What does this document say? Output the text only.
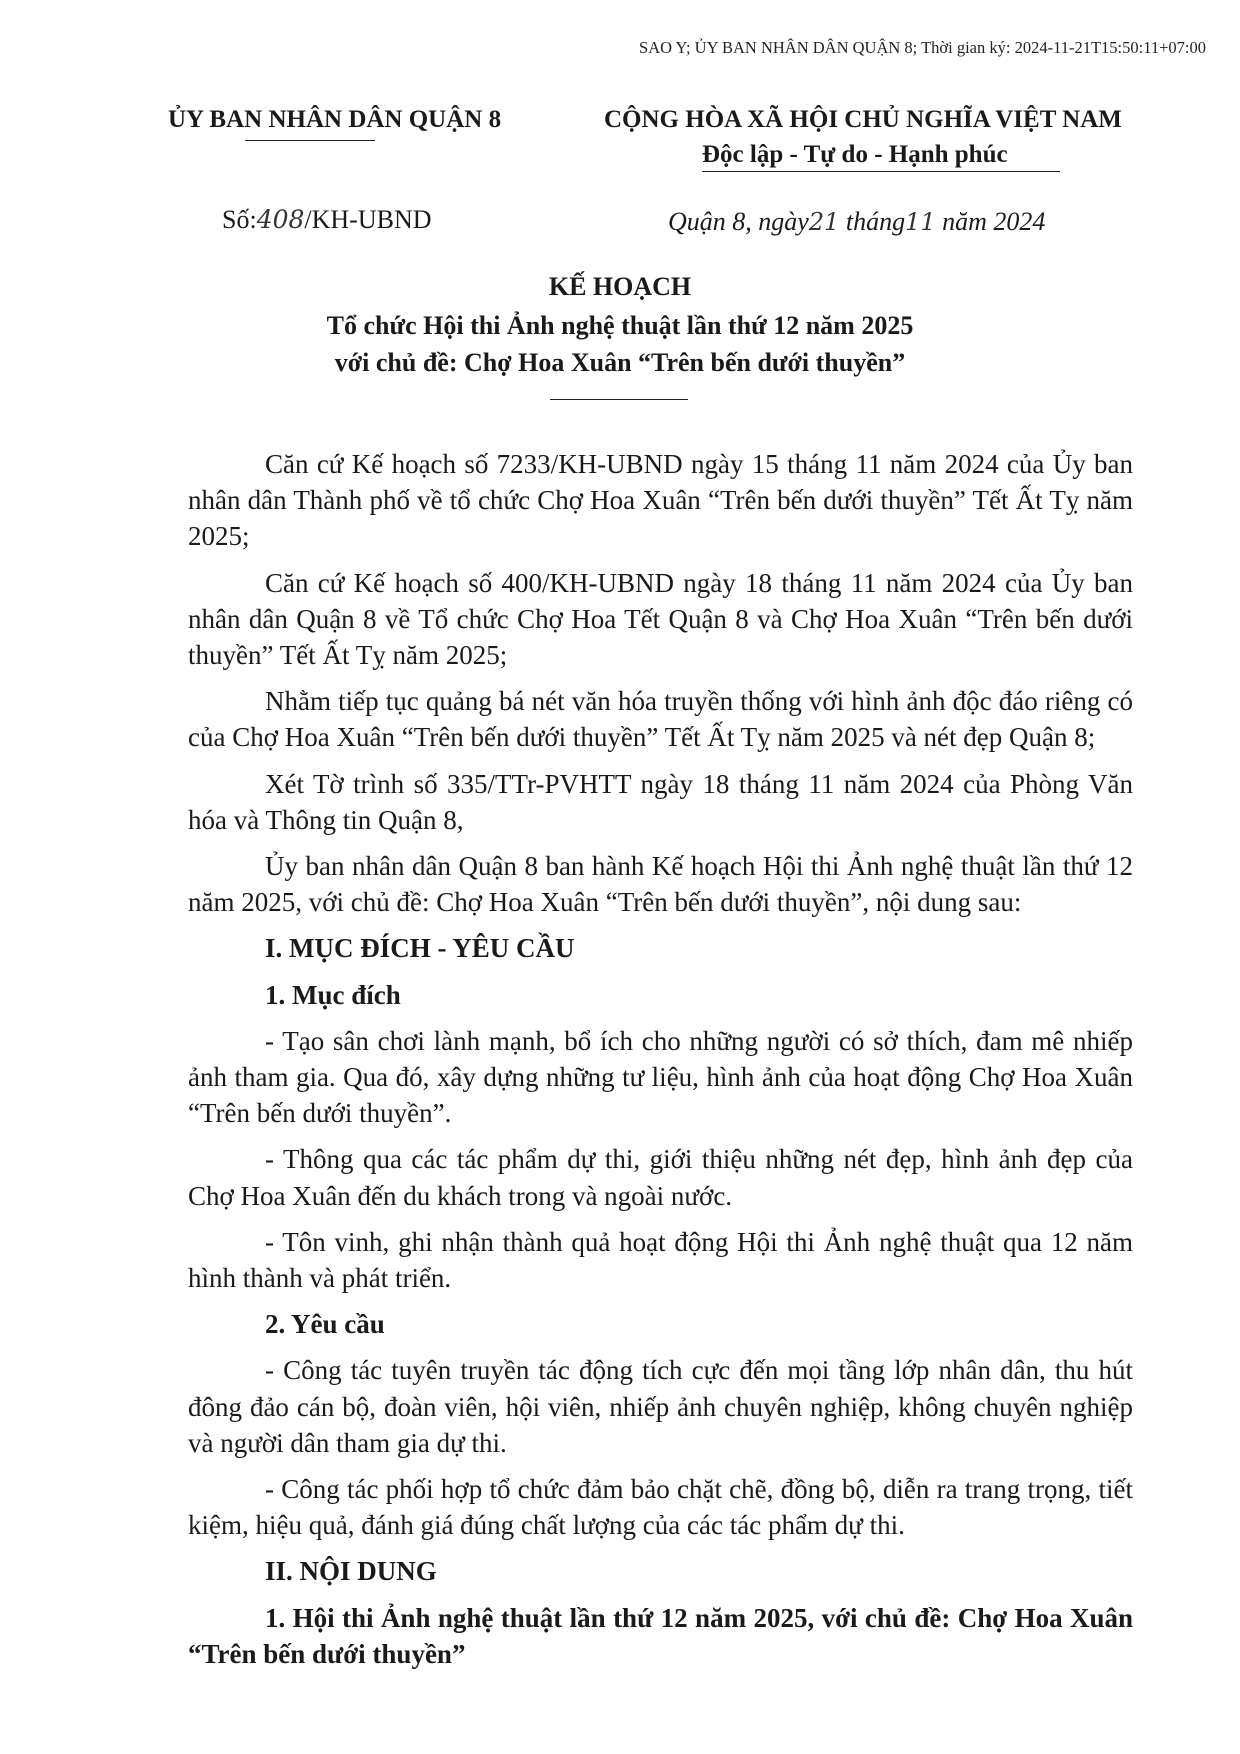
SAO Y; ỦY BAN NHÂN DÂN QUẬN 8; Thời gian ký: 2024-11-21T15:50:11+07:00
ỦY BAN NHÂN DÂN QUẬN 8	CỘNG HÒA XÃ HỘI CHỦ NGHĨA VIỆT NAM
Độc lập - Tự do - Hạnh phúc
Số:408/KH-UBND	Quận 8, ngày21 tháng11 năm 2024
KẾ HOẠCH
Tổ chức Hội thi Ảnh nghệ thuật lần thứ 12 năm 2025
với chủ đề: Chợ Hoa Xuân “Trên bến dưới thuyền”

Căn cứ Kế hoạch số 7233/KH-UBND ngày 15 tháng 11 năm 2024 của Ủy ban nhân dân Thành phố về tổ chức Chợ Hoa Xuân “Trên bến dưới thuyền” Tết Ất Tỵ năm 2025;

Căn cứ Kế hoạch số 400/KH-UBND ngày 18 tháng 11 năm 2024 của Ủy ban nhân dân Quận 8 về Tổ chức Chợ Hoa Tết Quận 8 và Chợ Hoa Xuân “Trên bến dưới thuyền” Tết Ất Tỵ năm 2025;

Nhằm tiếp tục quảng bá nét văn hóa truyền thống với hình ảnh độc đáo riêng có của Chợ Hoa Xuân “Trên bến dưới thuyền” Tết Ất Tỵ năm 2025 và nét đẹp Quận 8;

Xét Tờ trình số 335/TTr-PVHTT ngày 18 tháng 11 năm 2024 của Phòng Văn hóa và Thông tin Quận 8,

Ủy ban nhân dân Quận 8 ban hành Kế hoạch Hội thi Ảnh nghệ thuật lần thứ 12 năm 2025, với chủ đề: Chợ Hoa Xuân “Trên bến dưới thuyền”, nội dung sau:

I. MỤC ĐÍCH - YÊU CẦU
1. Mục đích

- Tạo sân chơi lành mạnh, bổ ích cho những người có sở thích, đam mê nhiếp ảnh tham gia. Qua đó, xây dựng những tư liệu, hình ảnh của hoạt động Chợ Hoa Xuân “Trên bến dưới thuyền”.

- Thông qua các tác phẩm dự thi, giới thiệu những nét đẹp, hình ảnh đẹp của Chợ Hoa Xuân đến du khách trong và ngoài nước.

- Tôn vinh, ghi nhận thành quả hoạt động Hội thi Ảnh nghệ thuật qua 12 năm hình thành và phát triển.

2. Yêu cầu

- Công tác tuyên truyền tác động tích cực đến mọi tầng lớp nhân dân, thu hút đông đảo cán bộ, đoàn viên, hội viên, nhiếp ảnh chuyên nghiệp, không chuyên nghiệp và người dân tham gia dự thi.

- Công tác phối hợp tổ chức đảm bảo chặt chẽ, đồng bộ, diễn ra trang trọng, tiết kiệm, hiệu quả, đánh giá đúng chất lượng của các tác phẩm dự thi.

II. NỘI DUNG

1. Hội thi Ảnh nghệ thuật lần thứ 12 năm 2025, với chủ đề: Chợ Hoa Xuân “Trên bến dưới thuyền”
